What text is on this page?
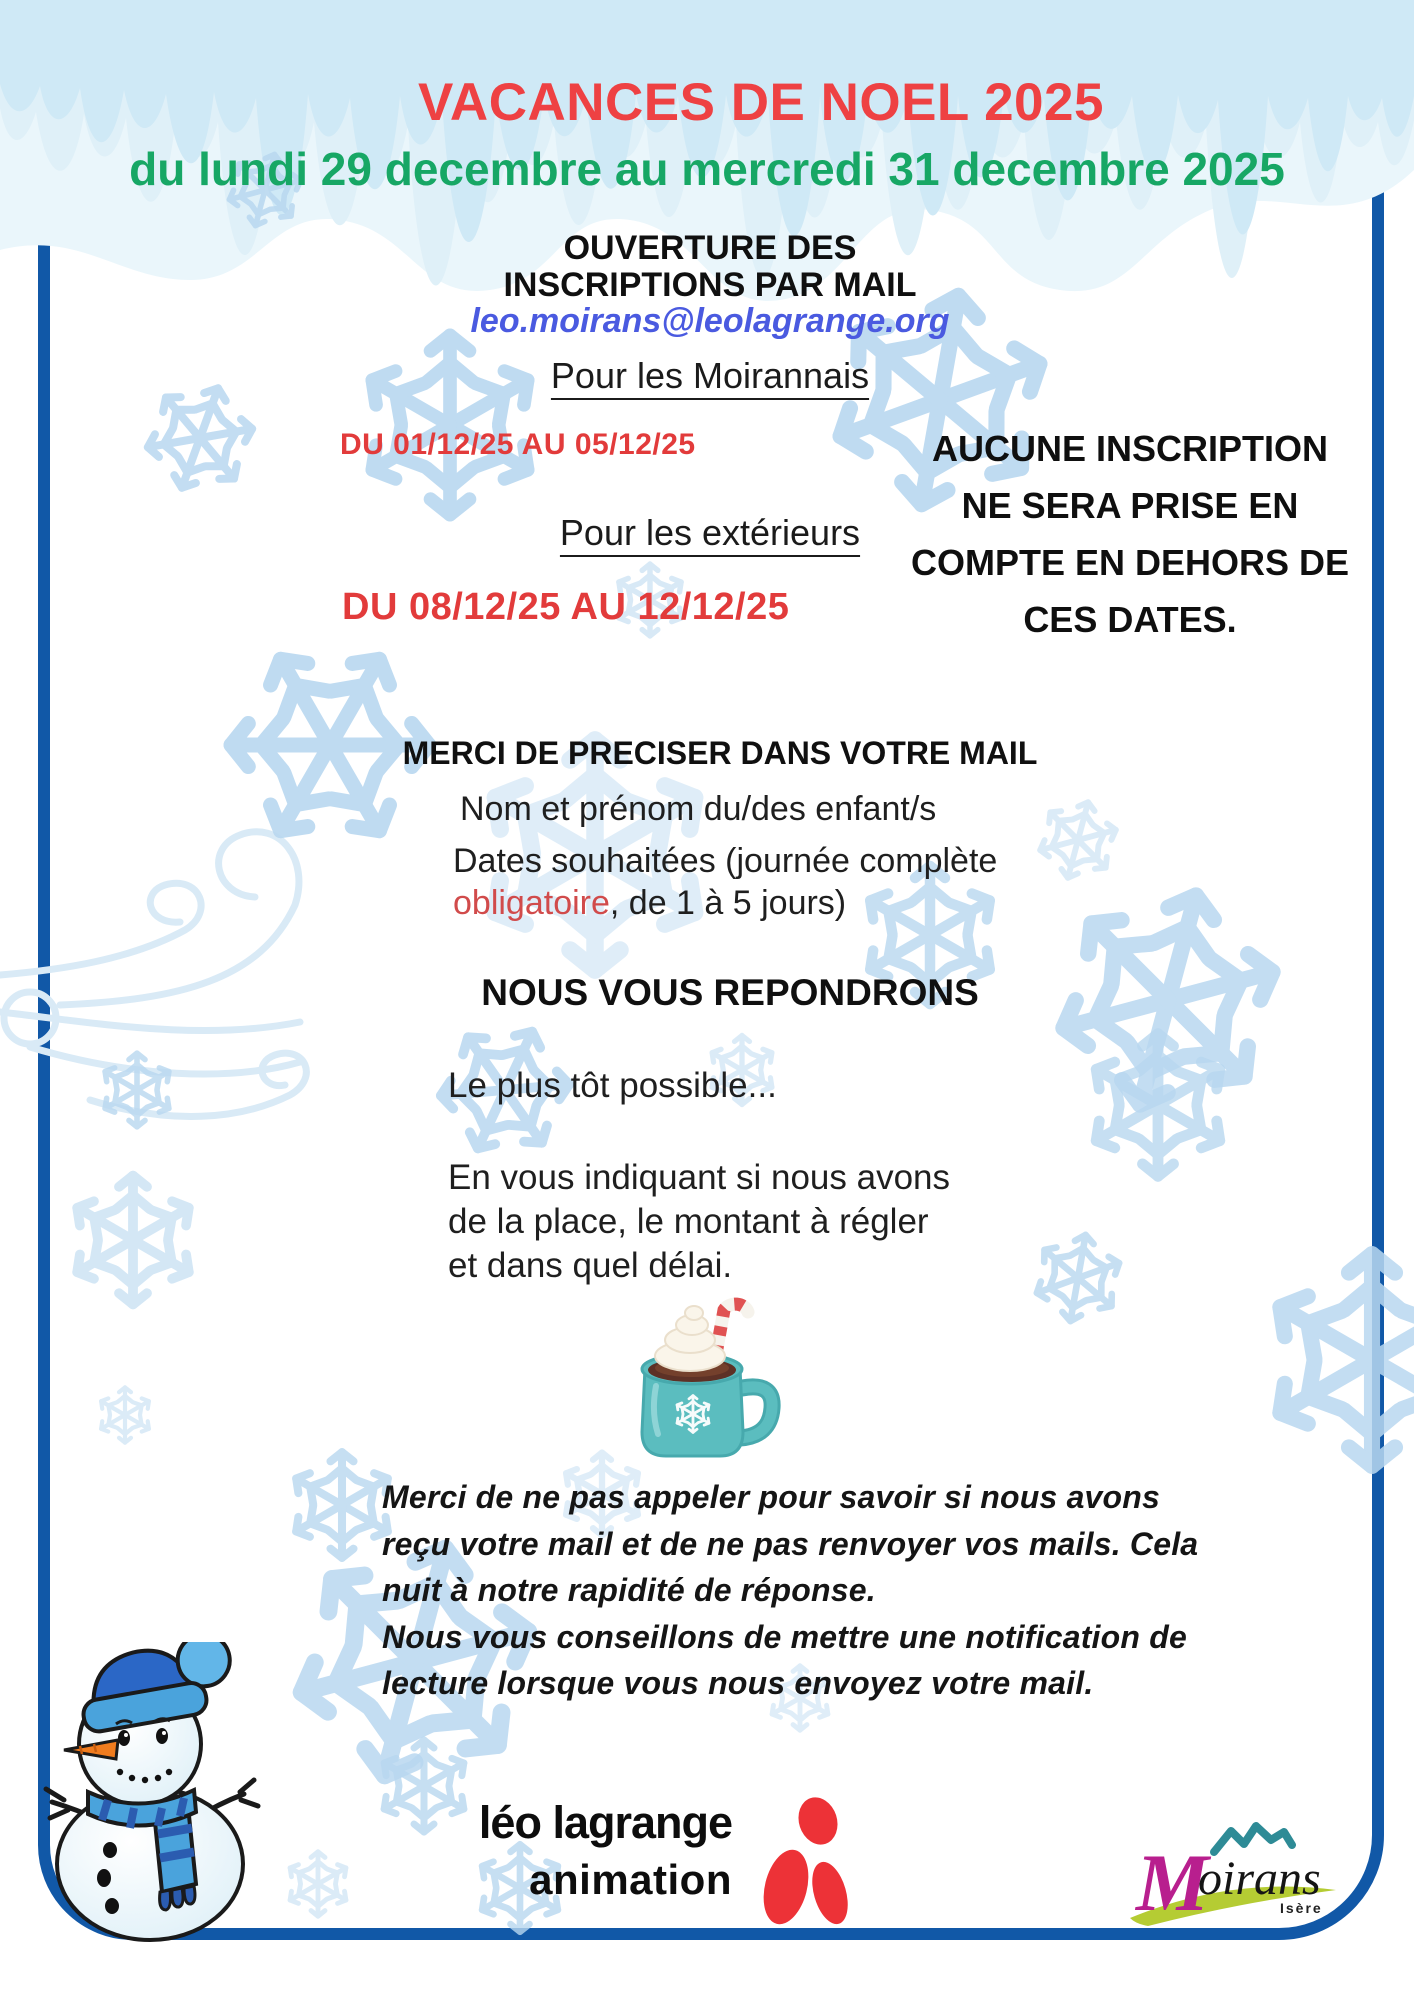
VACANCES DE NOEL 2025
du lundi 29 decembre au mercredi 31 decembre 2025
OUVERTURE DES
INSCRIPTIONS PAR MAIL
leo.moirans@leolagrange.org
Pour les Moirannais
DU 01/12/25 AU 05/12/25	AUCUNE INSCRIPTION
NE SERA PRISE EN
COMPTE EN DEHORS DE
CES DATES.
Pour les extérieurs
DU 08/12/25 AU 12/12/25
MERCI DE PRECISER DANS VOTRE MAIL
Nom et prénom du/des enfant/s
Dates souhaitées (journée complète
obligatoire, de 1 à 5 jours)
NOUS VOUS REPONDRONS
Le plus tôt possible...
En vous indiquant si nous avons
de la place, le montant à régler
et dans quel délai.
Merci de ne pas appeler pour savoir si nous avons
reçu votre mail et de ne pas renvoyer vos mails. Cela
nuit à notre rapidité de réponse.
Nous vous conseillons de mettre une notification de
lecture lorsque vous nous envoyez votre mail.
léo lagrange
animation	M
oirans
Isère
